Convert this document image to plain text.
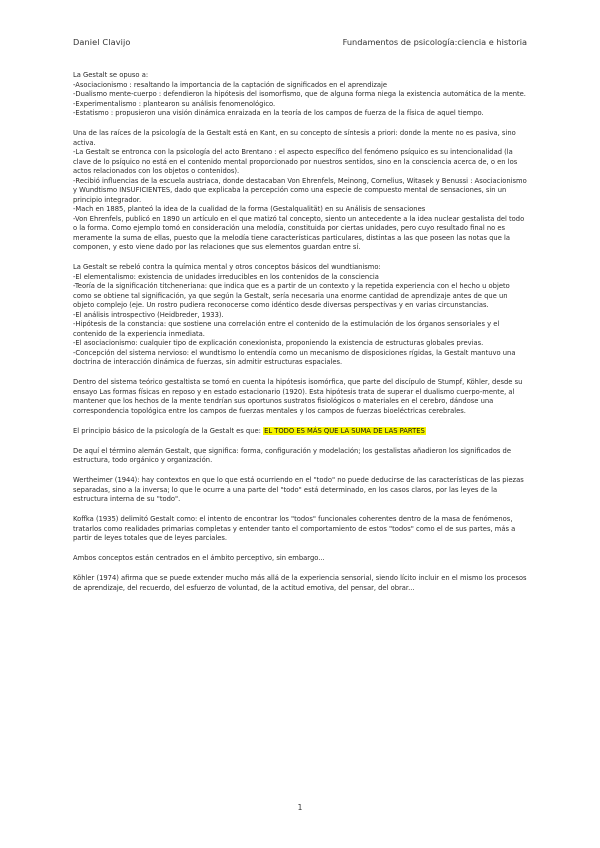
Daniel Clavijo	Fundamentos de psicología:ciencia e historia
La Gestalt se opuso a:
-Asociacionismo : resaltando la importancia de la captación de significados en el aprendizaje
-Dualismo mente-cuerpo : defendieron la hipótesis del isomorfismo, que de alguna forma niega la existencia automática de la mente.
-Experimentalismo : plantearon su análisis fenomenológico.
-Estatismo : propusieron una visión dinámica enraizada en la teoría de los campos de fuerza de la física de aquel tiempo.
Una de las raíces de la psicología de la Gestalt está en Kant, en su concepto de síntesis a priori: donde la mente no es pasiva, sino activa.
-La Gestalt se entronca con la psicología del acto Brentano : el aspecto específico del fenómeno psíquico es su intencionalidad (la clave de lo psíquico no está en el contenido mental proporcionado por nuestros sentidos, sino en la consciencia acerca de, o en los actos relacionados con los objetos o contenidos).
-Recibió influencias de la escuela austriaca, donde destacaban Von Ehrenfels, Meinong, Cornelius, Witasek y Benussi : Asociacionismo y Wundtismo INSUFICIENTES, dado que explicaba la percepción como una especie de compuesto mental de sensaciones, sin un principio integrador.
-Mach en 1885, planteó la idea de la cualidad de la forma (Gestalqualität) en su Análisis de sensaciones
-Von Ehrenfels, publicó en 1890 un artículo en el que matizó tal concepto, siento un antecedente a la idea nuclear gestalista del todo o la forma. Como ejemplo tomó en consideración una melodía, constituida por ciertas unidades, pero cuyo resultado final no es meramente la suma de ellas, puesto que la melodía tiene características particulares, distintas a las que poseen las notas que la componen, y esto viene dado por las relaciones que sus elementos guardan entre sí.
La Gestalt se rebeló contra la química mental y otros conceptos básicos del wundtianismo:
-El elementalismo: existencia de unidades irreducibles en los contenidos de la consciencia
-Teoría de la significación titcheneriana: que indica que es a partir de un contexto y la repetida experiencia con el hecho u objeto como se obtiene tal significación, ya que según la Gestalt, sería necesaria una enorme cantidad de aprendizaje antes de que un objeto complejo (eje. Un rostro pudiera reconocerse como idéntico desde diversas perspectivas y en varias circunstancias.
-El análisis introspectivo (Heidbreder, 1933).
-Hipótesis de la constancia: que sostiene una correlación entre el contenido de la estimulación de los órganos sensoriales y el contenido de la experiencia inmediata.
-El asociacionismo: cualquier tipo de explicación conexionista, proponiendo la existencia de estructuras globales previas.
-Concepción del sistema nervioso: el wundtismo lo entendía como un mecanismo de disposiciones rígidas, la Gestalt mantuvo una doctrina de interacción dinámica de fuerzas, sin admitir estructuras espaciales.

Dentro del sistema teórico gestaltista se tomó en cuenta la hipótesis isomórfica, que parte del discípulo de Stumpf, Köhler, desde su ensayo Las formas físicas en reposo y en estado estacionario (1920). Esta hipótesis trata de superar el dualismo cuerpo-mente, al mantener que los hechos de la mente tendrían sus oportunos sustratos fisiológicos o materiales en el cerebro, dándose una correspondencia topológica entre los campos de fuerzas mentales y los campos de fuerzas bioeléctricas cerebrales.

El principio básico de la psicología de la Gestalt es que: EL TODO ES MÁS QUE LA SUMA DE LAS PARTES

De aquí el término alemán Gestalt, que significa: forma, configuración y modelación; los gestalistas añadieron los significados de estructura, todo orgánico y organización.

Wertheimer (1944): hay contextos en que lo que está ocurriendo en el "todo" no puede deducirse de las características de las piezas separadas, sino a la inversa; lo que le ocurre a una parte del "todo" está determinado, en los casos claros, por las leyes de la estructura interna de su "todo".

Koffka (1935) delimitó Gestalt como: el intento de encontrar los "todos" funcionales coherentes dentro de la masa de fenómenos, tratarlos como realidades primarias completas y entender tanto el comportamiento de estos "todos" como el de sus partes, más a partir de leyes totales que de leyes parciales.

Ambos conceptos están centrados en el ámbito perceptivo, sin embargo...

Köhler (1974) afirma que se puede extender mucho más allá de la experiencia sensorial, siendo lícito incluir en el mismo los procesos de aprendizaje, del recuerdo, del esfuerzo de voluntad, de la actitud emotiva, del pensar, del obrar...

1
